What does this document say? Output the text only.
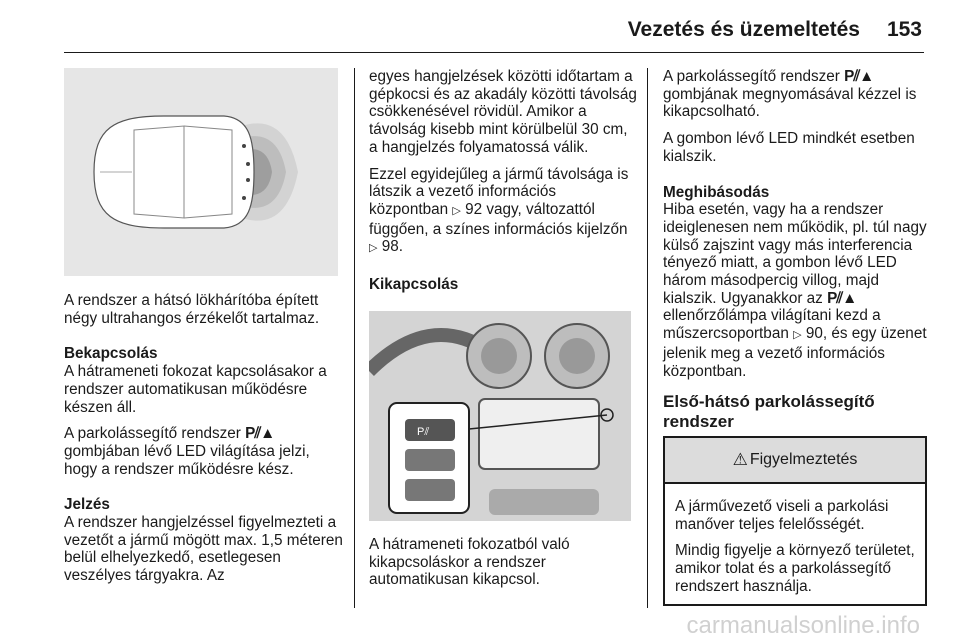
Vezetés és üzemeltetés 153

A rendszer a hátsó lökhárítóba épített négy ultrahangos érzékelőt tartalmaz.

Bekapcsolás

A hátrameneti fokozat kapcsolásakor a rendszer automatikusan működésre készen áll.

A parkolássegítő rendszer P⫽▲ gombjában lévő LED világítása jelzi, hogy a rendszer működésre kész.

Jelzés

A rendszer hangjelzéssel figyelmezteti a vezetőt a jármű mögött max. 1,5 méteren belül elhelyezkedő, esetlegesen veszélyes tárgyakra. Az

egyes hangjelzések közötti időtartam a gépkocsi és az akadály közötti távolság csökkenésével rövidül. Amikor a távolság kisebb mint körülbelül 30 cm, a hangjelzés folyamatossá válik.

Ezzel egyidejűleg a jármű távolsága is látszik a vezető információs központban ▷ 92 vagy, változattól függően, a színes információs kijelzőn ▷ 98.

Kikapcsolás

P⫽

A hátrameneti fokozatból való kikapcsoláskor a rendszer automatikusan kikapcsol.

A parkolássegítő rendszer P⫽▲ gombjának megnyomásával kézzel is kikapcsolható.

A gombon lévő LED mindkét esetben kialszik.

Meghibásodás

Hiba esetén, vagy ha a rendszer ideiglenesen nem működik, pl. túl nagy külső zajszint vagy más interferencia tényező miatt, a gombon lévő LED három másodpercig villog, majd kialszik. Ugyanakkor az P⫽▲ ellenőrzőlámpa világítani kezd a műszercsoportban ▷ 90, és egy üzenet jelenik meg a vezető információs központban.

Első-hátsó parkolássegítő rendszer

⚠ Figyelmeztetés

A járművezető viseli a parkolási manőver teljes felelősségét.

Mindig figyelje a környező területet, amikor tolat és a parkolássegítő rendszert használja.

carmanualsonline.info
